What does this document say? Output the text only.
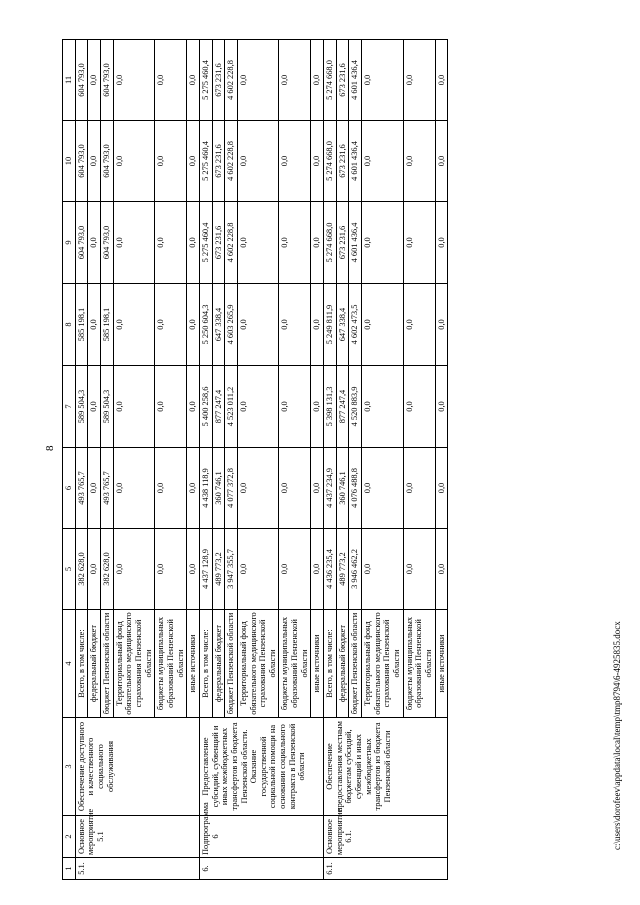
8
1	2	3	4	5	6	7	8	9	10	11
5.1.	Основное мероприятие 5.1	Обеспечение доступного и качественного социального обслуживания	Всего, в том числе:	382 628,0	493 765,7	589 504,3	585 198,1	604 793,0	604 793,0	604 793,0
			федеральный бюджет	0,0	0,0	0,0	0,0	0,0	0,0	0,0
			бюджет Пензенской области	382 628,0	493 765,7	589 504,3	585 198,1	604 793,0	604 793,0	604 793,0
			Территориальный фонд обязательного медицинского страхования Пензенской области	0,0	0,0	0,0	0,0	0,0	0,0	0,0
			бюджеты муниципальных образований Пензенской области	0,0	0,0	0,0	0,0	0,0	0,0	0,0
			иные источники	0,0	0,0	0,0	0,0	0,0	0,0	0,0
6.	Подпрограмма 6	Предоставление субсидий, субвенций и иных межбюджетных трансфертов из бюджета Пензенской области. Оказание государственной социальной помощи на основании социального контракта в Пензенской области	Всего, в том числе:	4 437 128,9	4 438 118,9	5 400 258,6	5 250 604,3	5 275 460,4	5 275 460,4	5 275 460,4
			федеральный бюджет	489 773,2	360 746,1	877 247,4	647 338,4	673 231,6	673 231,6	673 231,6
			бюджет Пензенской области	3 947 355,7	4 077 372,8	4 523 011,2	4 603 265,9	4 602 228,8	4 602 228,8	4 602 228,8
			Территориальный фонд обязательного медицинского страхования Пензенской области	0,0	0,0	0,0	0,0	0,0	0,0	0,0
			бюджеты муниципальных образований Пензенской области	0,0	0,0	0,0	0,0	0,0	0,0	0,0
			иные источники	0,0	0,0	0,0	0,0	0,0	0,0	0,0
6.1.	Основное мероприятие 6.1.	Обеспечение предоставления местным бюджетам субсидий, субвенций и иных межбюджетных трансфертов из бюджета Пензенской области	Всего, в том числе:	4 436 235,4	4 437 234,9	5 398 131,3	5 249 811,9	5 274 668,0	5 274 668,0	5 274 668,0
			федеральный бюджет	489 773,2	360 746,1	877 247,4	647 338,4	673 231,6	673 231,6	673 231,6
			бюджет Пензенской области	3 946 462,2	4 076 488,8	4 520 883,9	4 602 473,5	4 601 436,4	4 601 436,4	4 601 436,4
			Территориальный фонд обязательного медицинского страхования Пензенской области	0,0	0,0	0,0	0,0	0,0	0,0	0,0
			бюджеты муниципальных образований Пензенской области	0,0	0,0	0,0	0,0	0,0	0,0	0,0
			иные источники	0,0	0,0	0,0	0,0	0,0	0,0	0,0
c:\users\dorofeev\appdata\local\temp\tmp8794\6-4925835.docx
